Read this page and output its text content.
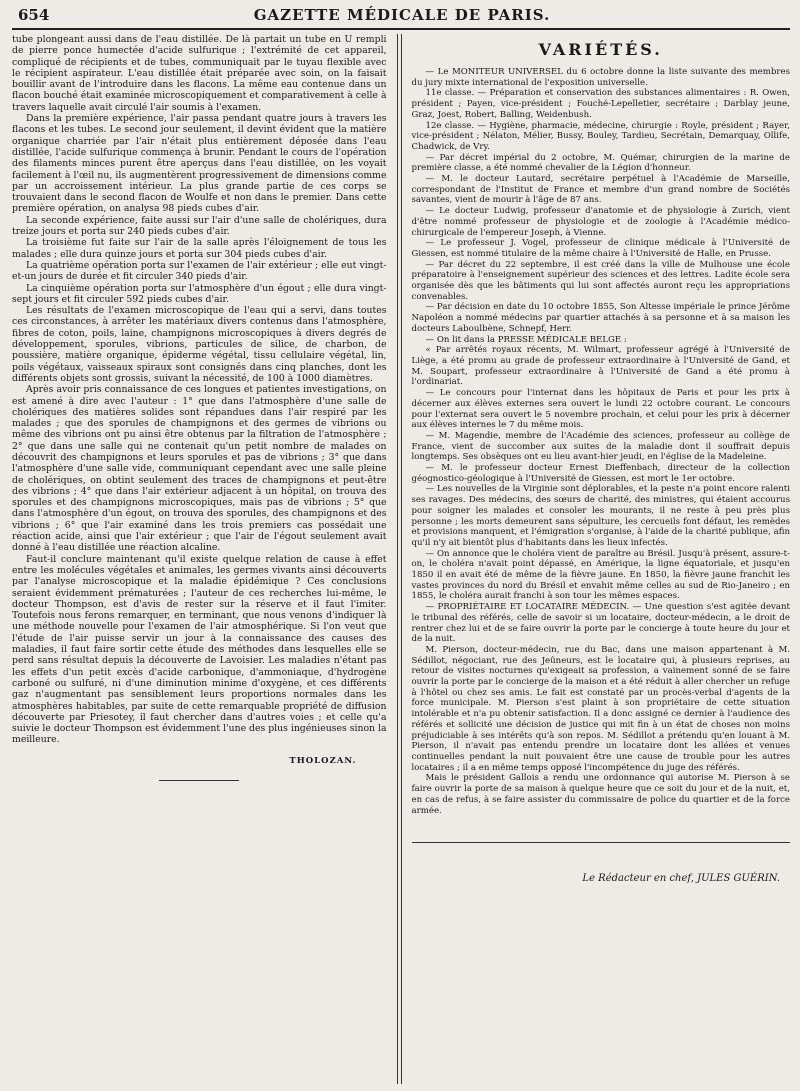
654	GAZETTE MÉDICALE DE PARIS.

tube plongeant aussi dans de l'eau distillée. De là partait un tube en U rempli de pierre ponce humectée d'acide sulfurique ; l'extrémité de cet appareil, compliqué de récipients et de tubes, communiquait par le tuyau flexible avec le récipient aspirateur. L'eau distillée était préparée avec soin, on la faisait bouillir avant de l'introduire dans les flacons. La même eau contenue dans un flacon bouché était examinée microscopiquement et comparativement à celle à travers laquelle avait circulé l'air soumis à l'examen.

Dans la première expérience, l'air passa pendant quatre jours à travers les flacons et les tubes. Le second jour seulement, il devint évident que la matière organique charriée par l'air n'était plus entièrement déposée dans l'eau distillée, l'acide sulfurique commença à brunir. Pendant le cours de l'opération des filaments minces purent être aperçus dans l'eau distillée, on les voyait facilement à l'œil nu, ils augmentèrent progressivement de dimensions comme par un accroissement intérieur. La plus grande partie de ces corps se trouvaient dans le second flacon de Woulfe et non dans le premier. Dans cette première opération, on analysa 98 pieds cubes d'air.

La seconde expérience, faite aussi sur l'air d'une salle de cholériques, dura treize jours et porta sur 240 pieds cubes d'air.

La troisième fut faite sur l'air de la salle après l'éloignement de tous les malades ; elle dura quinze jours et porta sur 304 pieds cubes d'air.

La quatrième opération porta sur l'examen de l'air extérieur ; elle eut vingt-et-un jours de durée et fit circuler 340 pieds d'air.

La cinquième opération porta sur l'atmosphère d'un égout ; elle dura vingt-sept jours et fit circuler 592 pieds cubes d'air.

Les résultats de l'examen microscopique de l'eau qui a servi, dans toutes ces circonstances, à arrêter les matériaux divers contenus dans l'atmosphère, fibres de coton, poils, laine, champignons microscopiques à divers degrés de développement, sporules, vibrions, particules de silice, de charbon, de poussière, matière organique, épiderme végétal, tissu cellulaire végétal, lin, poils végétaux, vaisseaux spiraux sont consignés dans cinq planches, dont les différents objets sont grossis, suivant la nécessité, de 100 à 1000 diamètres.

Après avoir pris connaissance de ces longues et patientes investigations, on est amené à dire avec l'auteur : 1° que dans l'atmosphère d'une salle de cholériques des matières solides sont répandues dans l'air respiré par les malades ; que des sporules de champignons et des germes de vibrions ou même des vibrions ont pu ainsi être obtenus par la filtration de l'atmosphère ; 2° que dans une salle qui ne contenait qu'un petit nombre de malades on découvrit des champignons et leurs sporules et pas de vibrions ; 3° que dans l'atmosphère d'une salle vide, communiquant cependant avec une salle pleine de cholériques, on obtint seulement des traces de champignons et peut-être des vibrions ; 4° que dans l'air extérieur adjacent à un hôpital, on trouva des sporules et des champignons microscopiques, mais pas de vibrions ; 5° que dans l'atmosphère d'un égout, on trouva des sporules, des champignons et des vibrions ; 6° que l'air examiné dans les trois premiers cas possédait une réaction acide, ainsi que l'air extérieur ; que l'air de l'égout seulement avait donné à l'eau distillée une réaction alcaline.

Faut-il conclure maintenant qu'il existe quelque relation de cause à effet entre les molécules végétales et animales, les germes vivants ainsi découverts par l'analyse microscopique et la maladie épidémique ? Ces conclusions seraient évidemment prématurées ; l'auteur de ces recherches lui-même, le docteur Thompson, est d'avis de rester sur la réserve et il faut l'imiter. Toutefois nous ferons remarquer, en terminant, que nous venons d'indiquer là une méthode nouvelle pour l'examen de l'air atmosphérique. Si l'on veut que l'étude de l'air puisse servir un jour à la connaissance des causes des maladies, il faut faire sortir cette étude des méthodes dans lesquelles elle se perd sans résultat depuis la découverte de Lavoisier. Les maladies n'étant pas les effets d'un petit excès d'acide carbonique, d'ammoniaque, d'hydrogène carboné ou sulfuré, ni d'une diminution minime d'oxygène, et ces différents gaz n'augmentant pas sensiblement leurs proportions normales dans les atmosphères habitables, par suite de cette remarquable propriété de diffusion découverte par Priesotey, il faut chercher dans d'autres voies ; et celle qu'a suivie le docteur Thompson est évidemment l'une des plus ingénieuses sinon la meilleure.

THOLOZAN.
VARIÉTÉS.

— Le MONITEUR UNIVERSEL du 6 octobre donne la liste suivante des membres du jury mixte international de l'exposition universelle.

11e classe. — Préparation et conservation des substances alimentaires : R. Owen, président ; Payen, vice-président ; Fouché-Lepelletier, secrétaire ; Darblay jeune, Graz, Joest, Robert, Balling, Weidenbush.

12e classe. — Hygiène, pharmacie, médecine, chirurgie : Royle, président ; Rayer, vice-président ; Nélaton, Mélier, Bussy, Bouley, Tardieu, Secrétain, Demarquay, Ollife, Chadwick, de Vry.

— Par décret impérial du 2 octobre, M. Quémar, chirurgien de la marine de première classe, a été nommé chevalier de la Légion d'honneur.

— M. le docteur Lautard, secrétaire perpétuel à l'Académie de Marseille, correspondant de l'Institut de France et membre d'un grand nombre de Sociétés savantes, vient de mourir à l'âge de 87 ans.

— Le docteur Ludwig, professeur d'anatomie et de physiologie à Zurich, vient d'être nommé professeur de physiologie et de zoologie à l'Académie médico-chirurgicale de l'empereur Joseph, à Vienne.

— Le professeur J. Vogel, professeur de clinique médicale à l'Université de Giessen, est nommé titulaire de la même chaire à l'Université de Halle, en Prusse.

— Par décret du 22 septembre, il est créé dans la ville de Mulhouse une école préparatoire à l'enseignement supérieur des sciences et des lettres. Ladite école sera organisée dès que les bâtiments qui lui sont affectés auront reçu les appropriations convenables.

— Par décision en date du 10 octobre 1855, Son Altesse impériale le prince Jérôme Napoléon a nommé médecins par quartier attachés à sa personne et à sa maison les docteurs Laboulbène, Schnepf, Herr.

— On lit dans la PRESSE MÉDICALE BELGE :

« Par arrêtés royaux récents, M. Wilmart, professeur agrégé à l'Université de Liège, a été promu au grade de professeur extraordinaire à l'Université de Gand, et M. Soupart, professeur extraordinaire à l'Université de Gand a été promu à l'ordinariat.

— Le concours pour l'internat dans les hôpitaux de Paris et pour les prix à décerner aux élèves externes sera ouvert le lundi 22 octobre courant. Le concours pour l'externat sera ouvert le 5 novembre prochain, et celui pour les prix à décerner aux élèves internes le 7 du même mois.

— M. Magendie, membre de l'Académie des sciences, professeur au collège de France, vient de succomber aux suites de la maladie dont il souffrait depuis longtemps. Ses obsèques ont eu lieu avant-hier jeudi, en l'église de la Madeleine.

— M. le professeur docteur Ernest Dieffenbach, directeur de la collection géognostico-géologique à l'Université de Giessen, est mort le 1er octobre.

— Les nouvelles de la Virginie sont déplorables, et la peste n'a point encore ralenti ses ravages. Des médecins, des sœurs de charité, des ministres, qui étaient accourus pour soigner les malades et consoler les mourants, il ne reste à peu près plus personne ; les morts demeurent sans sépulture, les cercueils font défaut, les remèdes et provisions manquent, et l'émigration s'organise, à l'aide de la charité publique, afin qu'il n'y ait bientôt plus d'habitants dans les lieux infectés.

— On annonce que le choléra vient de paraître au Brésil. Jusqu'à présent, assure-t-on, le choléra n'avait point dépassé, en Amérique, la ligne équatoriale, et jusqu'en 1850 il en avait été de même de la fièvre jaune. En 1850, la fièvre jaune franchit les vastes provinces du nord du Brésil et envahit même celles au sud de Rio-Janeiro ; en 1855, le choléra aurait franchi à son tour les mêmes espaces.

— PROPRIÉTAIRE ET LOCATAIRE MÉDECIN. — Une question s'est agitée devant le tribunal des référés, celle de savoir si un locataire, docteur-médecin, a le droit de rentrer chez lui et de se faire ouvrir la porte par le concierge à toute heure du jour et de la nuit.

M. Pierson, docteur-médecin, rue du Bac, dans une maison appartenant à M. Sédillot, négociant, rue des Jeûneurs, est le locataire qui, à plusieurs reprises, au retour de visites nocturnes qu'exigeait sa profession, a vainement sonné de se faire ouvrir la porte par le concierge de la maison et a été réduit à aller chercher un refuge à l'hôtel ou chez ses amis. Le fait est constaté par un procès-verbal d'agents de la force municipale. M. Pierson s'est plaint à son propriétaire de cette situation intolérable et n'a pu obtenir satisfaction. Il a donc assigné ce dernier à l'audience des référés et sollicité une décision de justice qui mit fin à un état de choses non moins préjudiciable à ses intérêts qu'à son repos. M. Sédillot a prétendu qu'en louant à M. Pierson, il n'avait pas entendu prendre un locataire dont les allées et venues continuelles pendant la nuit pouvaient être une cause de trouble pour les autres locataires ; il a en même temps opposé l'incompétence du juge des référés.

Mais le président Gallois a rendu une ordonnance qui autorise M. Pierson à se faire ouvrir la porte de sa maison à quelque heure que ce soit du jour et de la nuit, et, en cas de refus, à se faire assister du commissaire de police du quartier et de la force armée.

Le Rédacteur en chef, JULES GUÉRIN.
